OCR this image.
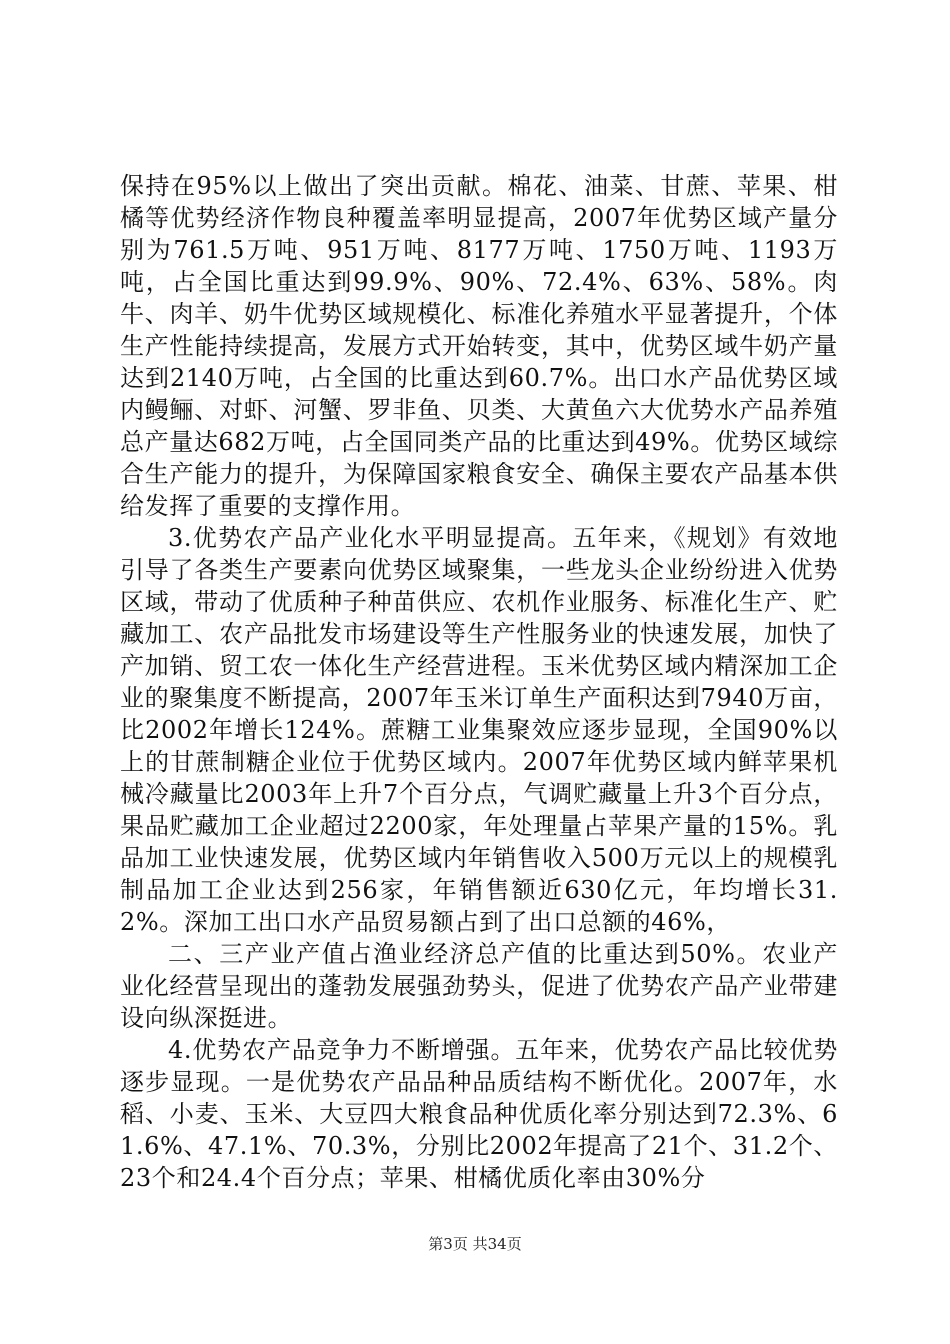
保持在95%以上做出了突出贡献。棉花、油菜、甘蔗、苹果、柑橘等优势经济作物良种覆盖率明显提高，2007年优势区域产量分别为761.5万吨、951万吨、8177万吨、1750万吨、1193万吨，占全国比重达到99.9%、90%、72.4%、63%、58%。肉牛、肉羊、奶牛优势区域规模化、标准化养殖水平显著提升，个体生产性能持续提高，发展方式开始转变，其中，优势区域牛奶产量达到2140万吨，占全国的比重达到60.7%。出口水产品优势区域内鳗鲡、对虾、河蟹、罗非鱼、贝类、大黄鱼六大优势水产品养殖总产量达682万吨，占全国同类产品的比重达到49%。优势区域综合生产能力的提升，为保障国家粮食安全、确保主要农产品基本供给发挥了重要的支撑作用。

3.优势农产品产业化水平明显提高。五年来，《规划》有效地引导了各类生产要素向优势区域聚集，一些龙头企业纷纷进入优势区域，带动了优质种子种苗供应、农机作业服务、标准化生产、贮藏加工、农产品批发市场建设等生产性服务业的快速发展，加快了产加销、贸工农一体化生产经营进程。玉米优势区域内精深加工企业的聚集度不断提高，2007年玉米订单生产面积达到7940万亩，比2002年增长124%。蔗糖工业集聚效应逐步显现，全国90%以上的甘蔗制糖企业位于优势区域内。2007年优势区域内鲜苹果机械冷藏量比2003年上升7个百分点，气调贮藏量上升3个百分点，果品贮藏加工企业超过2200家，年处理量占苹果产量的15%。乳品加工业快速发展，优势区域内年销售收入500万元以上的规模乳制品加工企业达到256家，年销售额近630亿元，年均增长31.2%。深加工出口水产品贸易额占到了出口总额的46%，

二、三产业产值占渔业经济总产值的比重达到50%。农业产业化经营呈现出的蓬勃发展强劲势头，促进了优势农产品产业带建设向纵深挺进。

4.优势农产品竞争力不断增强。五年来，优势农产品比较优势逐步显现。一是优势农产品品种品质结构不断优化。2007年，水稻、小麦、玉米、大豆四大粮食品种优质化率分别达到72.3%、61.6%、47.1%、70.3%，分别比2002年提高了21个、31.2个、23个和24.4个百分点；苹果、柑橘优质化率由30%分

第3页 共34页
